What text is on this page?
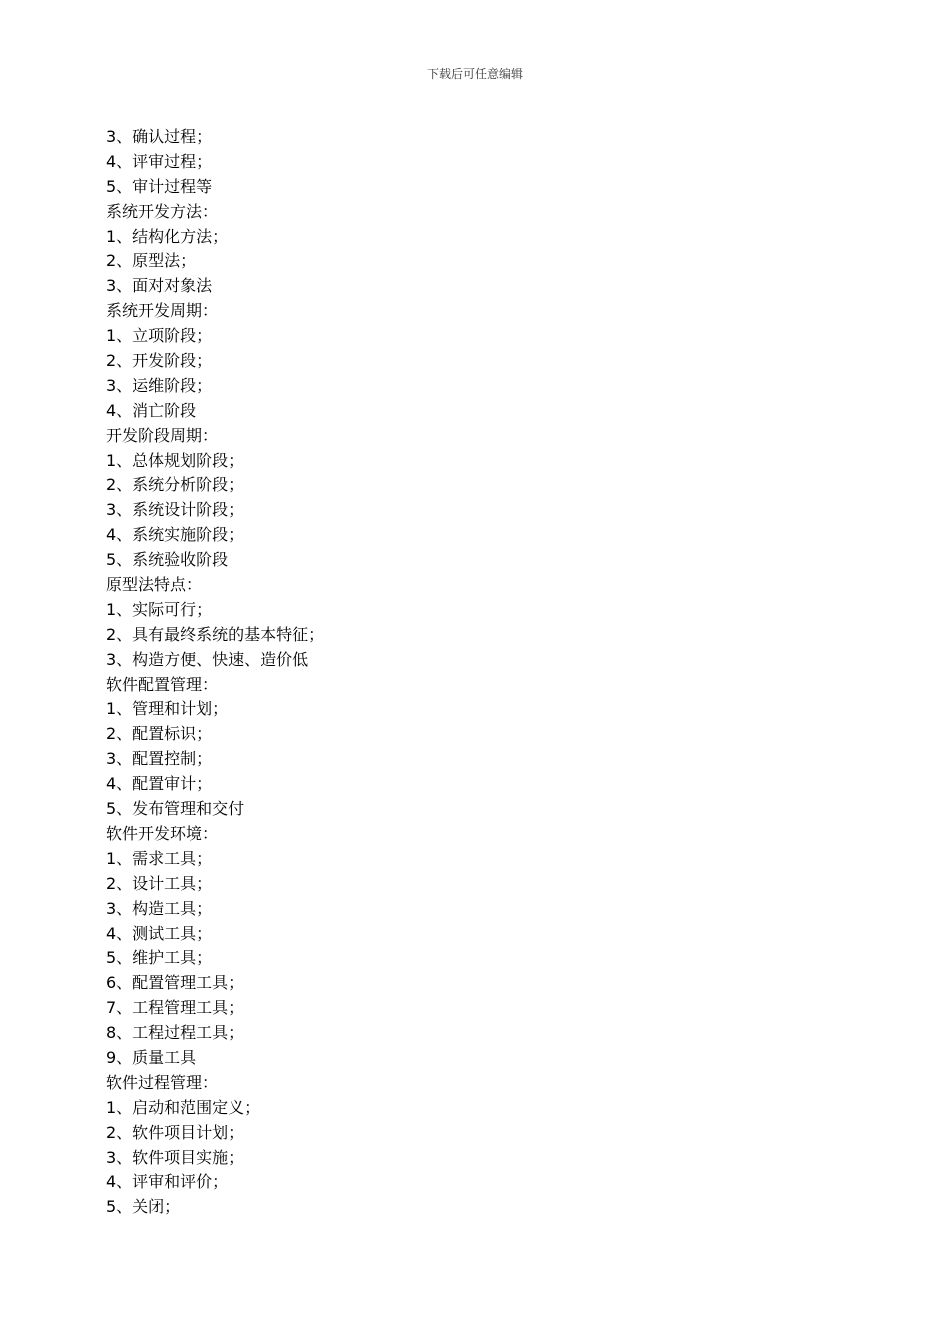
下载后可任意编辑
3、确认过程；
4、评审过程；
5、审计过程等
系统开发方法：
1、结构化方法；
2、原型法；
3、面对对象法
系统开发周期：
1、立项阶段；
2、开发阶段；
3、运维阶段；
4、消亡阶段
开发阶段周期：
1、总体规划阶段；
2、系统分析阶段；
3、系统设计阶段；
4、系统实施阶段；
5、系统验收阶段
原型法特点：
1、实际可行；
2、具有最终系统的基本特征；
3、构造方便、快速、造价低
软件配置管理：
1、管理和计划；
2、配置标识；
3、配置控制；
4、配置审计；
5、发布管理和交付
软件开发环境：
1、需求工具；
2、设计工具；
3、构造工具；
4、测试工具；
5、维护工具；
6、配置管理工具；
7、工程管理工具；
8、工程过程工具；
9、质量工具
软件过程管理：
1、启动和范围定义；
2、软件项目计划；
3、软件项目实施；
4、评审和评价；
5、关闭；
